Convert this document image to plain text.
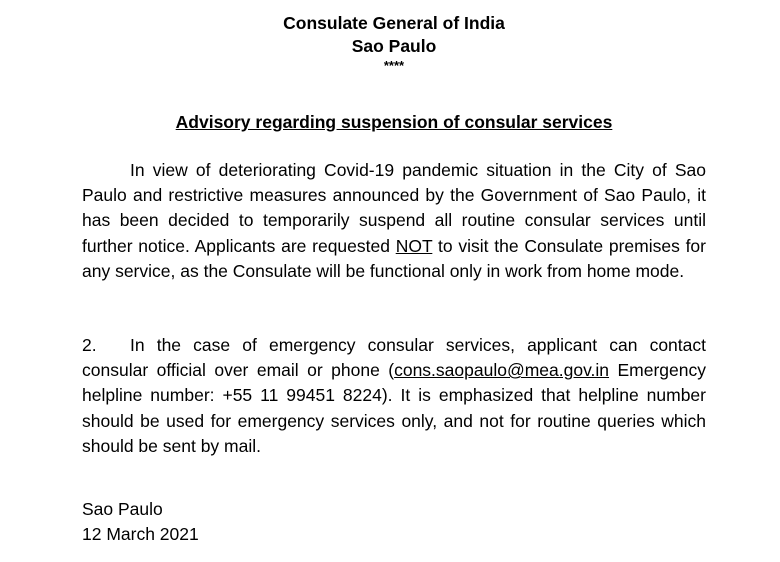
Consulate General of India
Sao Paulo
****
Advisory regarding suspension of consular services
In view of deteriorating Covid-19 pandemic situation in the City of Sao Paulo and restrictive measures announced by the Government of Sao Paulo, it has been decided to temporarily suspend all routine consular services until further notice. Applicants are requested NOT to visit the Consulate premises for any service, as the Consulate will be functional only in work from home mode.
2. In the case of emergency consular services, applicant can contact consular official over email or phone (cons.saopaulo@mea.gov.in Emergency helpline number: +55 11 99451 8224). It is emphasized that helpline number should be used for emergency services only, and not for routine queries which should be sent by mail.
Sao Paulo
12 March 2021
